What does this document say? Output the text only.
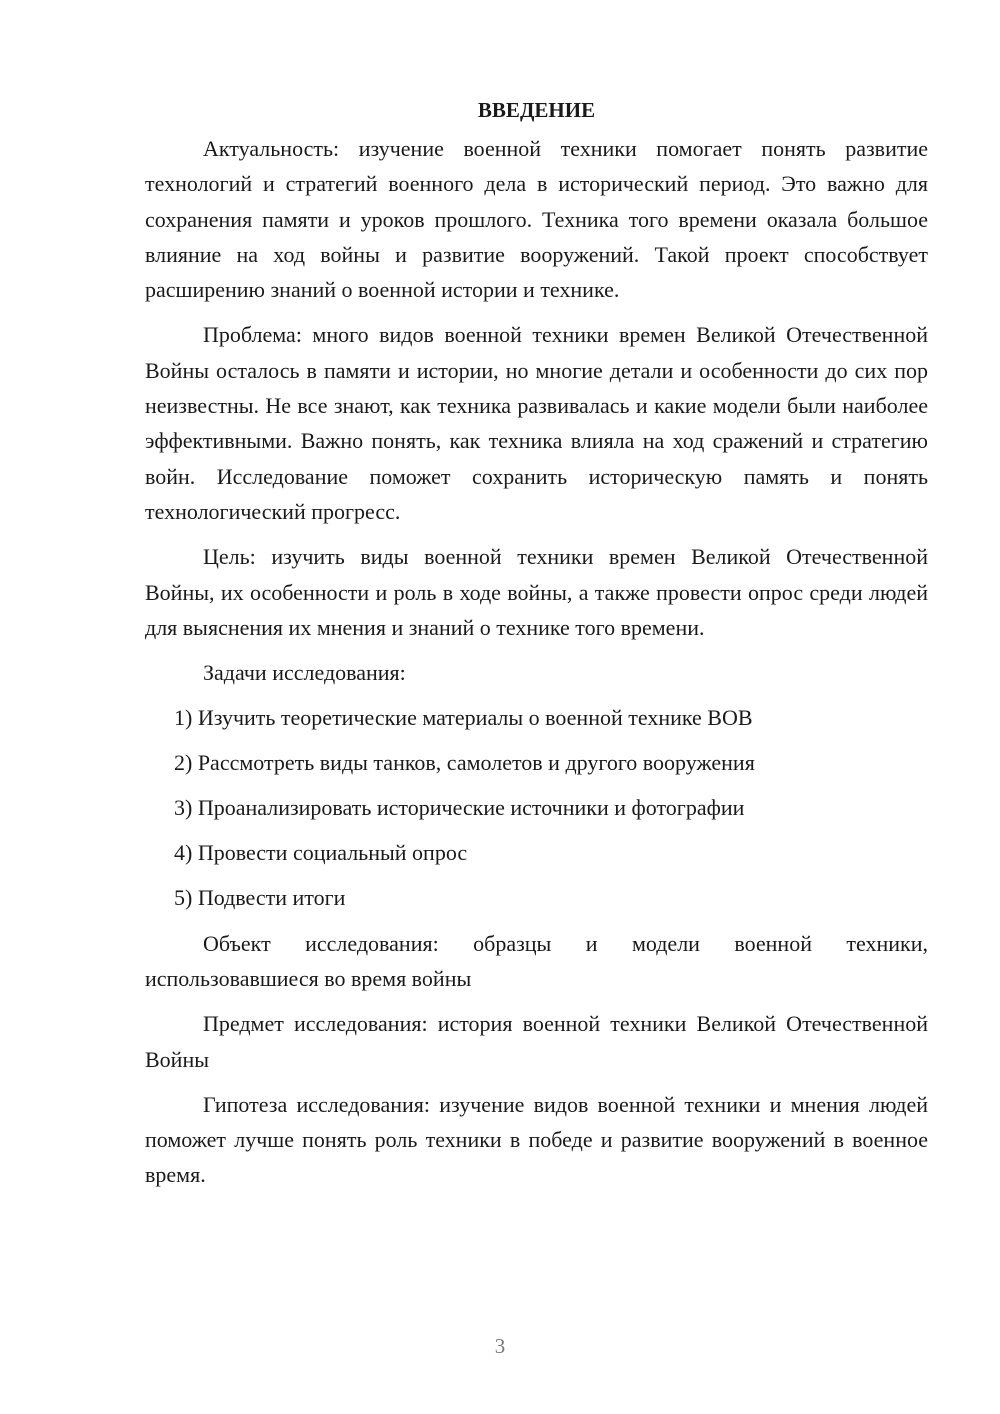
ВВЕДЕНИЕ

Актуальность: изучение военной техники помогает понять развитие технологий и стратегий военного дела в исторический период. Это важно для сохранения памяти и уроков прошлого. Техника того времени оказала большое влияние на ход войны и развитие вооружений. Такой проект способствует расширению знаний о военной истории и технике.

Проблема: много видов военной техники времен Великой Отечественной Войны осталось в памяти и истории, но многие детали и особенности до сих пор неизвестны. Не все знают, как техника развивалась и какие модели были наиболее эффективными. Важно понять, как техника влияла на ход сражений и стратегию войн. Исследование поможет сохранить историческую память и понять технологический прогресс.

Цель: изучить виды военной техники времен Великой Отечественной Войны, их особенности и роль в ходе войны, а также провести опрос среди людей для выяснения их мнения и знаний о технике того времени.

Задачи исследования:

1) Изучить теоретические материалы о военной технике ВОВ
2) Рассмотреть виды танков, самолетов и другого вооружения
3) Проанализировать исторические источники и фотографии
4) Провести социальный опрос
5) Подвести итоги

Объект исследования: образцы и модели военной техники, использовавшиеся во время войны

Предмет исследования: история военной техники Великой Отечественной Войны

Гипотеза исследования: изучение видов военной техники и мнения людей поможет лучше понять роль техники в победе и развитие вооружений в военное время.

3
